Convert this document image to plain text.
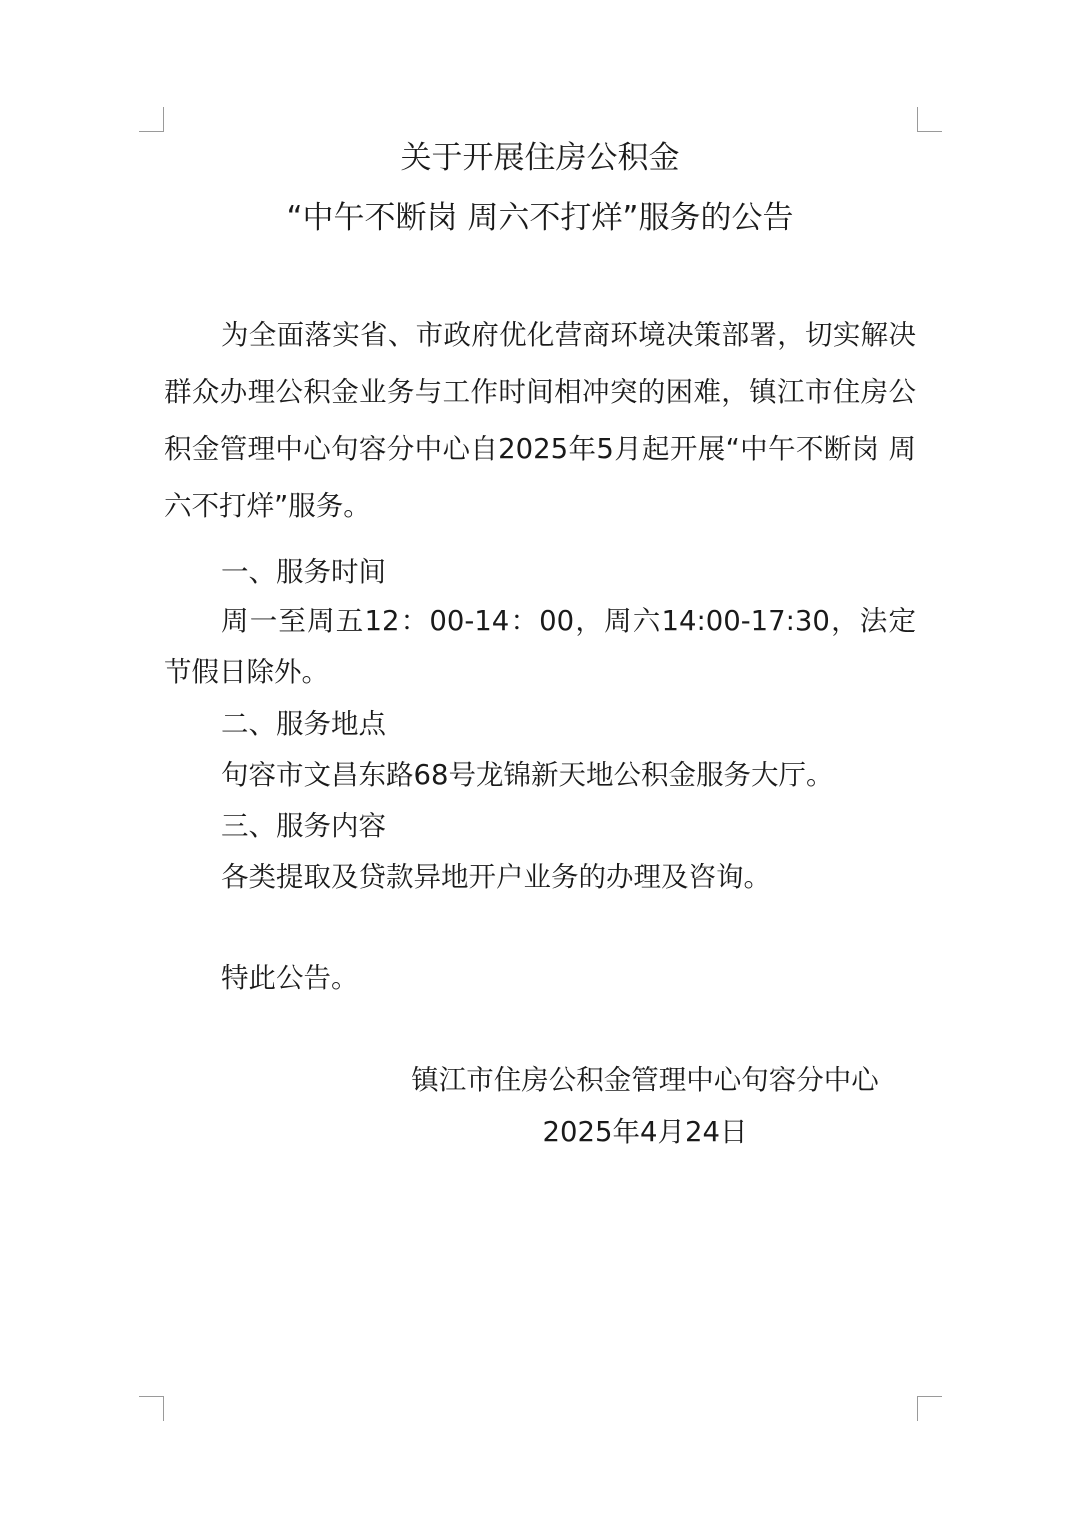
关于开展住房公积金
“中午不断岗 周六不打烊”服务的公告
为全面落实省、市政府优化营商环境决策部署，切实解决群众办理公积金业务与工作时间相冲突的困难，镇江市住房公积金管理中心句容分中心自2025年5月起开展“中午不断岗 周六不打烊”服务。
一、服务时间
周一至周五12：00-14：00，周六14:00-17:30，法定节假日除外。
二、服务地点
句容市文昌东路68号龙锦新天地公积金服务大厅。
三、服务内容
各类提取及贷款异地开户业务的办理及咨询。
特此公告。
镇江市住房公积金管理中心句容分中心
2025年4月24日
